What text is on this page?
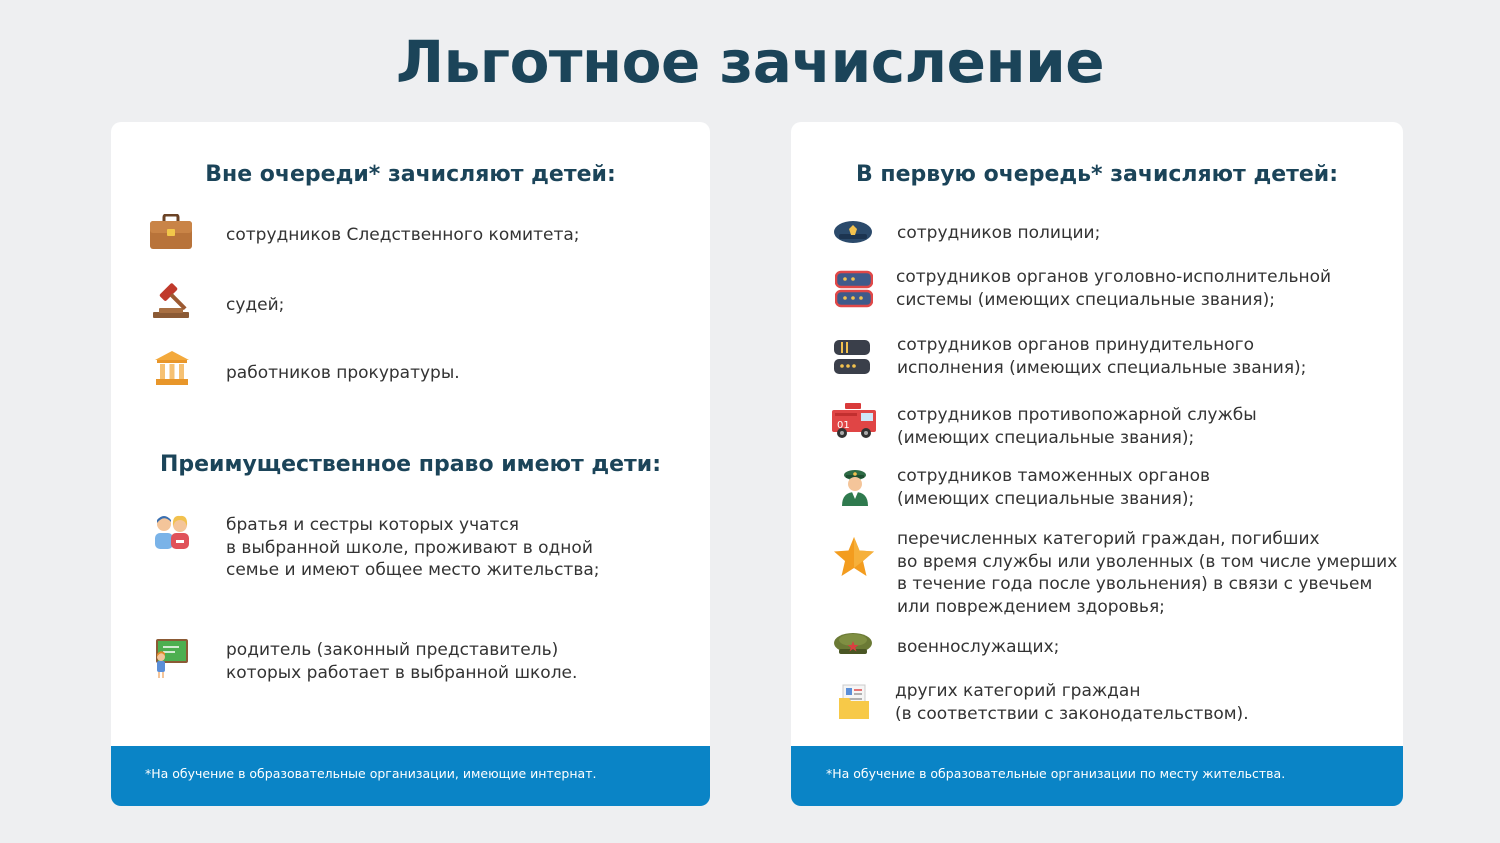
Льготное зачисление
Вне очереди* зачисляют детей:
сотрудников Следственного комитета;
судей;
работников прокуратуры.
Преимущественное право имеют дети:
братья и сестры которых учатся
в выбранной школе, проживают в одной
семье и имеют общее место жительства;
родитель (законный представитель)
которых работает в выбранной школе.
*На обучение в образовательные организации, имеющие интернат.
В первую очередь* зачисляют детей:
сотрудников полиции;
сотрудников органов уголовно-исполнительной
системы (имеющих специальные звания);
сотрудников органов принудительного
исполнения (имеющих специальные звания);
01
сотрудников противопожарной службы
(имеющих специальные звания);
сотрудников таможенных органов
(имеющих специальные звания);
перечисленных категорий граждан, погибших
во время службы или уволенных (в том числе умерших
в течение года после увольнения) в связи с увечьем
или повреждением здоровья;
военнослужащих;
других категорий граждан
(в соответствии с законодательством).
*На обучение в образовательные организации по месту жительства.
